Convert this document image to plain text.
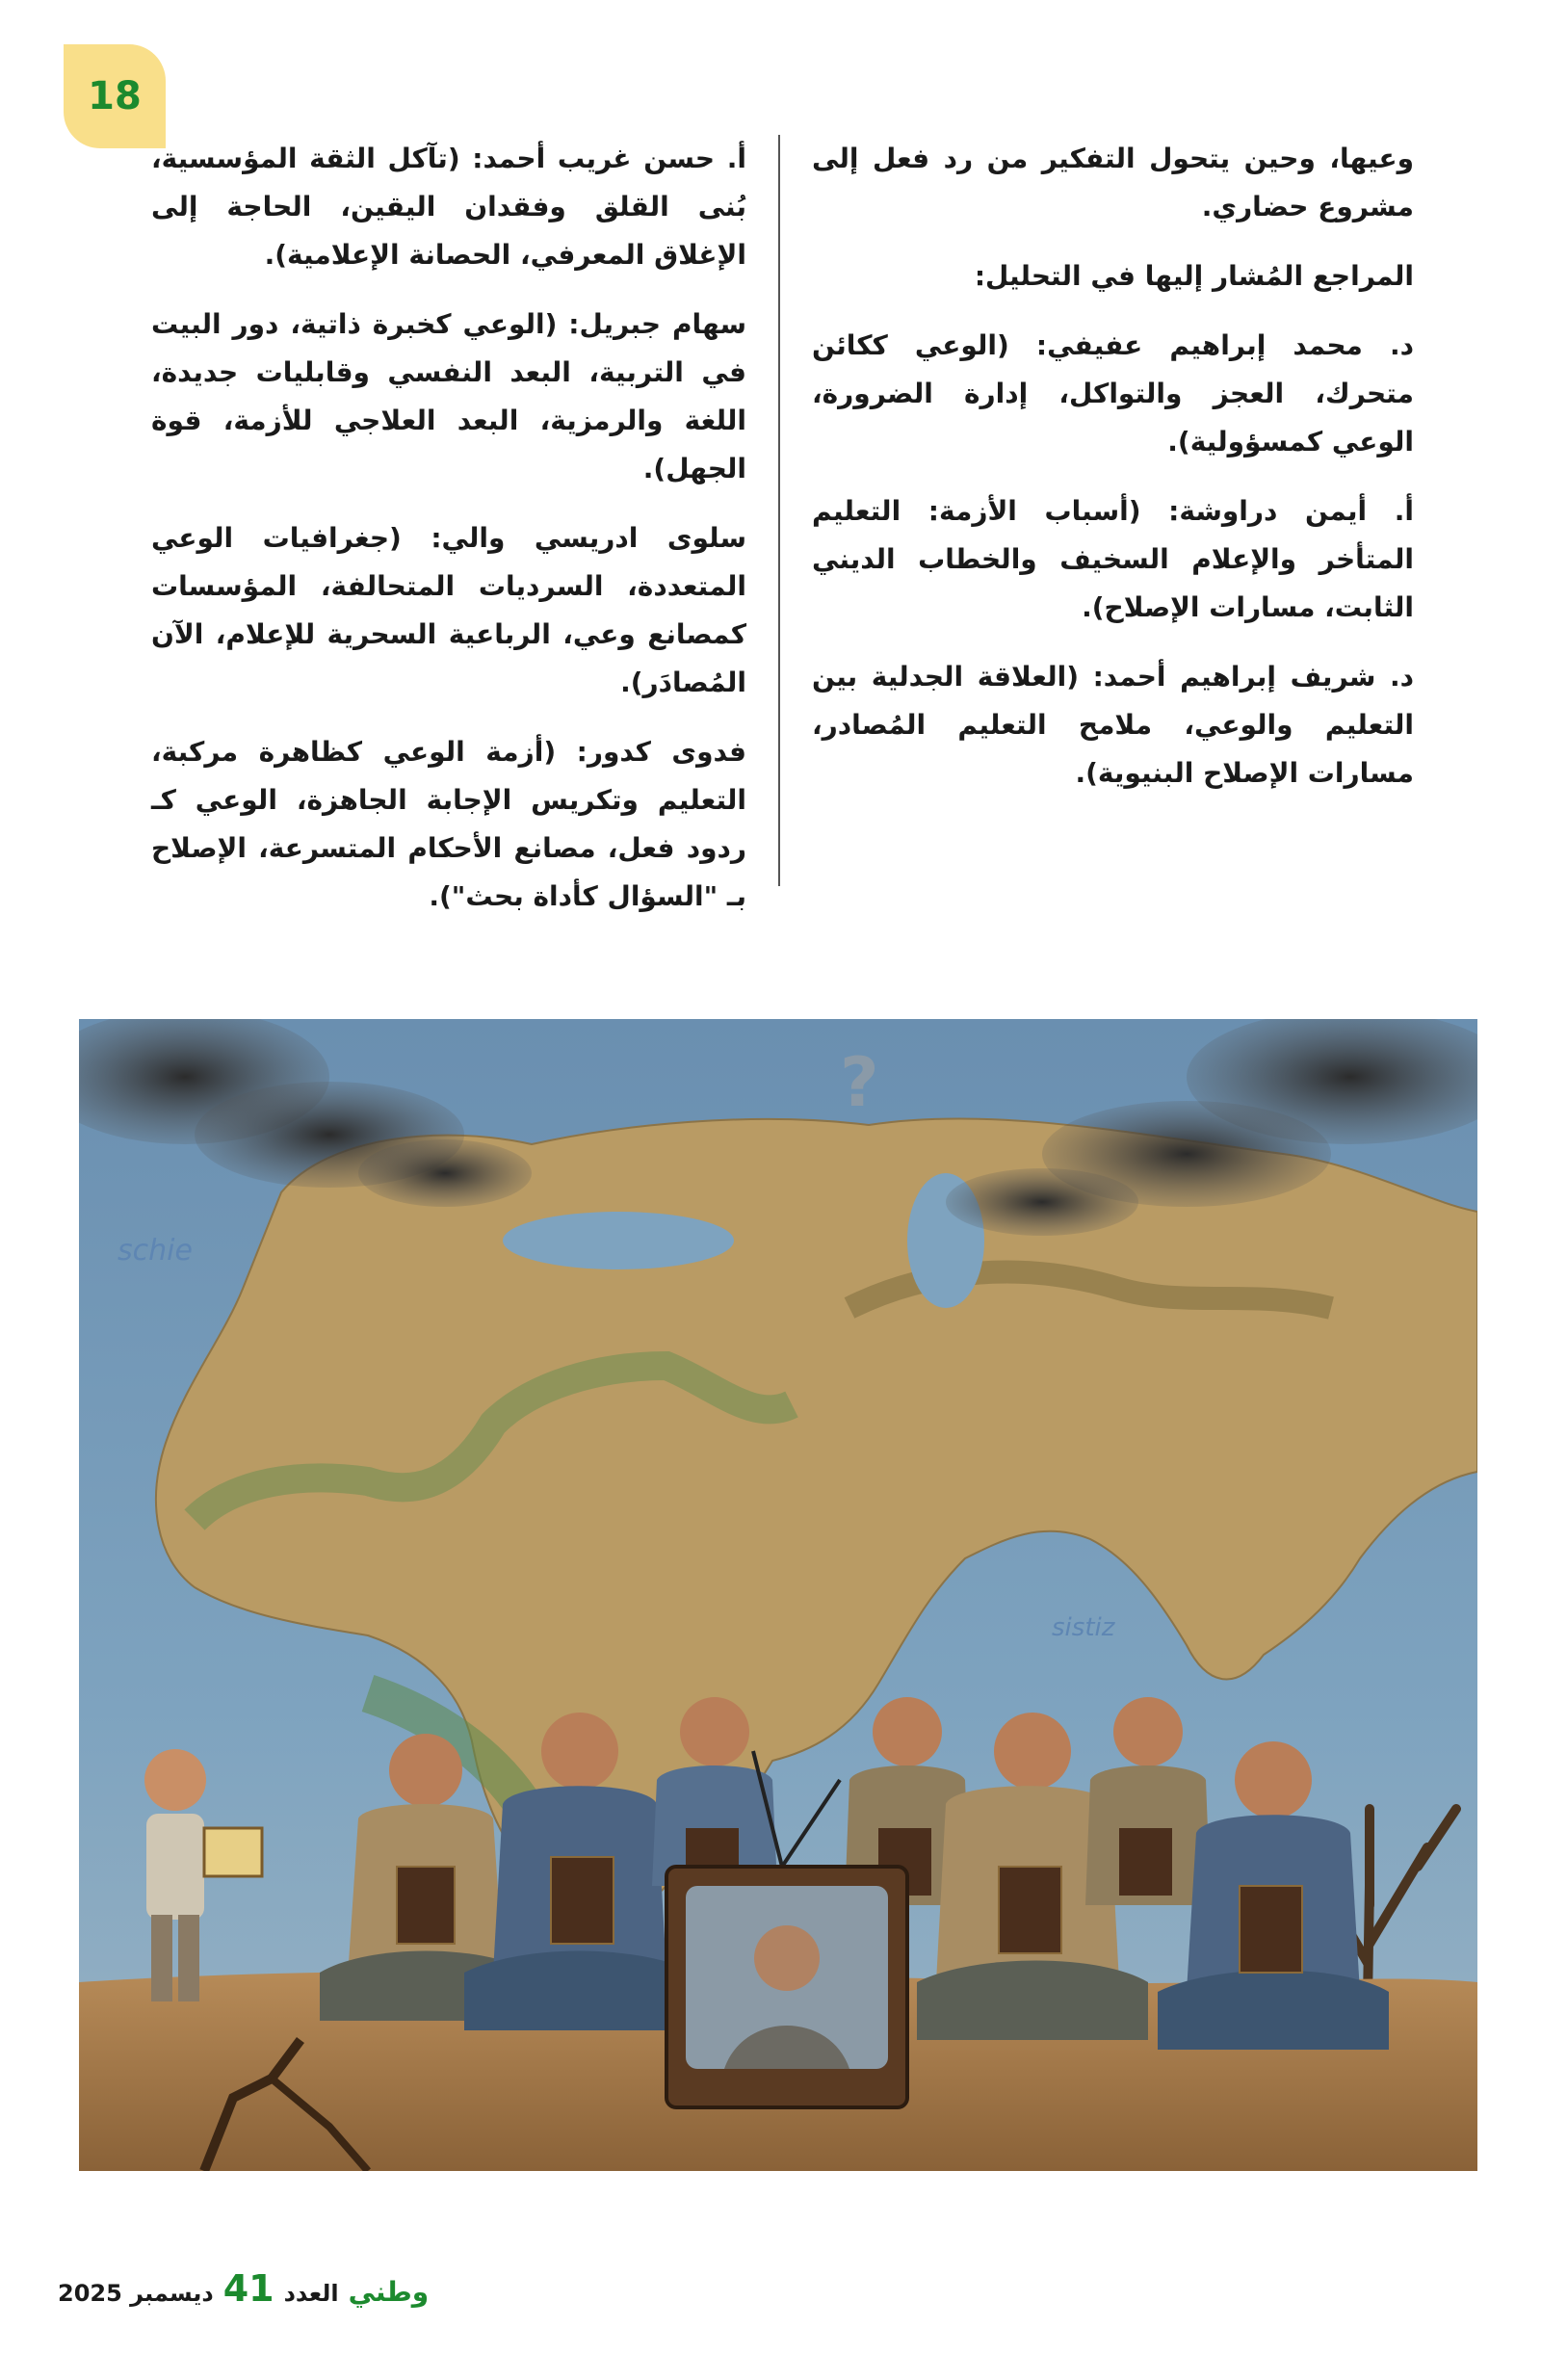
18

وعيها، وحين يتحول التفكير من رد فعل إلى مشروع حضاري.

المراجع المُشار إليها في التحليل:

د. محمد إبراهيم عفيفي: (الوعي ككائن متحرك، العجز والتواكل، إدارة الضرورة، الوعي كمسؤولية).

أ. أيمن دراوشة: (أسباب الأزمة: التعليم المتأخر والإعلام السخيف والخطاب الديني الثابت، مسارات الإصلاح).

د. شريف إبراهيم أحمد: (العلاقة الجدلية بين التعليم والوعي، ملامح التعليم المُصادر، مسارات الإصلاح البنيوية).

أ. حسن غريب أحمد: (تآكل الثقة المؤسسية، بُنى القلق وفقدان اليقين، الحاجة إلى الإغلاق المعرفي، الحصانة الإعلامية).

سهام جبريل: (الوعي كخبرة ذاتية، دور البيت في التربية، البعد النفسي وقابليات جديدة، اللغة والرمزية، البعد العلاجي للأزمة، قوة الجهل).

سلوى ادريسي والي: (جغرافيات الوعي المتعددة، السرديات المتحالفة، المؤسسات كمصانع وعي، الرباعية السحرية للإعلام، الآن المُصادَر).

فدوى كدور: (أزمة الوعي كظاهرة مركبة، التعليم وتكريس الإجابة الجاهزة، الوعي كـ ردود فعل، مصانع الأحكام المتسرعة، الإصلاح بـ "السؤال كأداة بحث").

schie
sistiz
?
وطني
العدد
41
ديسمبر 2025
